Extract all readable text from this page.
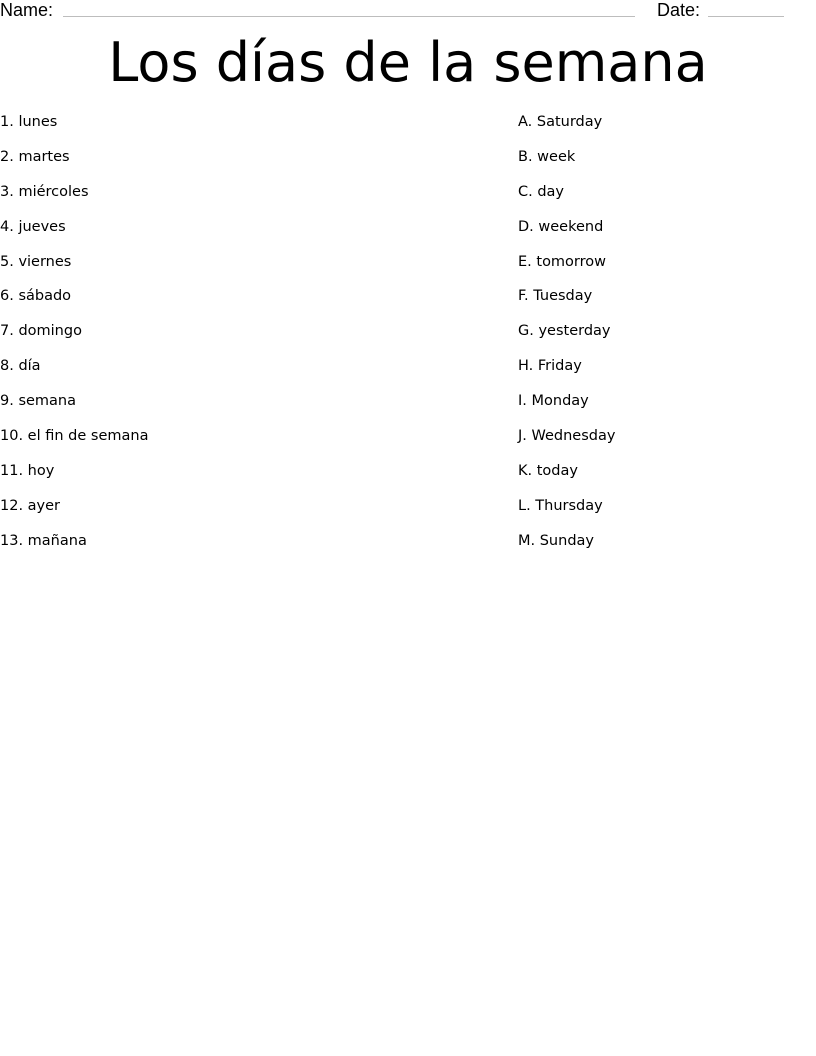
Name:	Date:
Los días de la semana
1. lunes
2. martes
3. miércoles
4. jueves
5. viernes
6. sábado
7. domingo
8. día
9. semana
10. el fin de semana
11. hoy
12. ayer
13. mañana
A. Saturday
B. week
C. day
D. weekend
E. tomorrow
F. Tuesday
G. yesterday
H. Friday
I. Monday
J. Wednesday
K. today
L. Thursday
M. Sunday
